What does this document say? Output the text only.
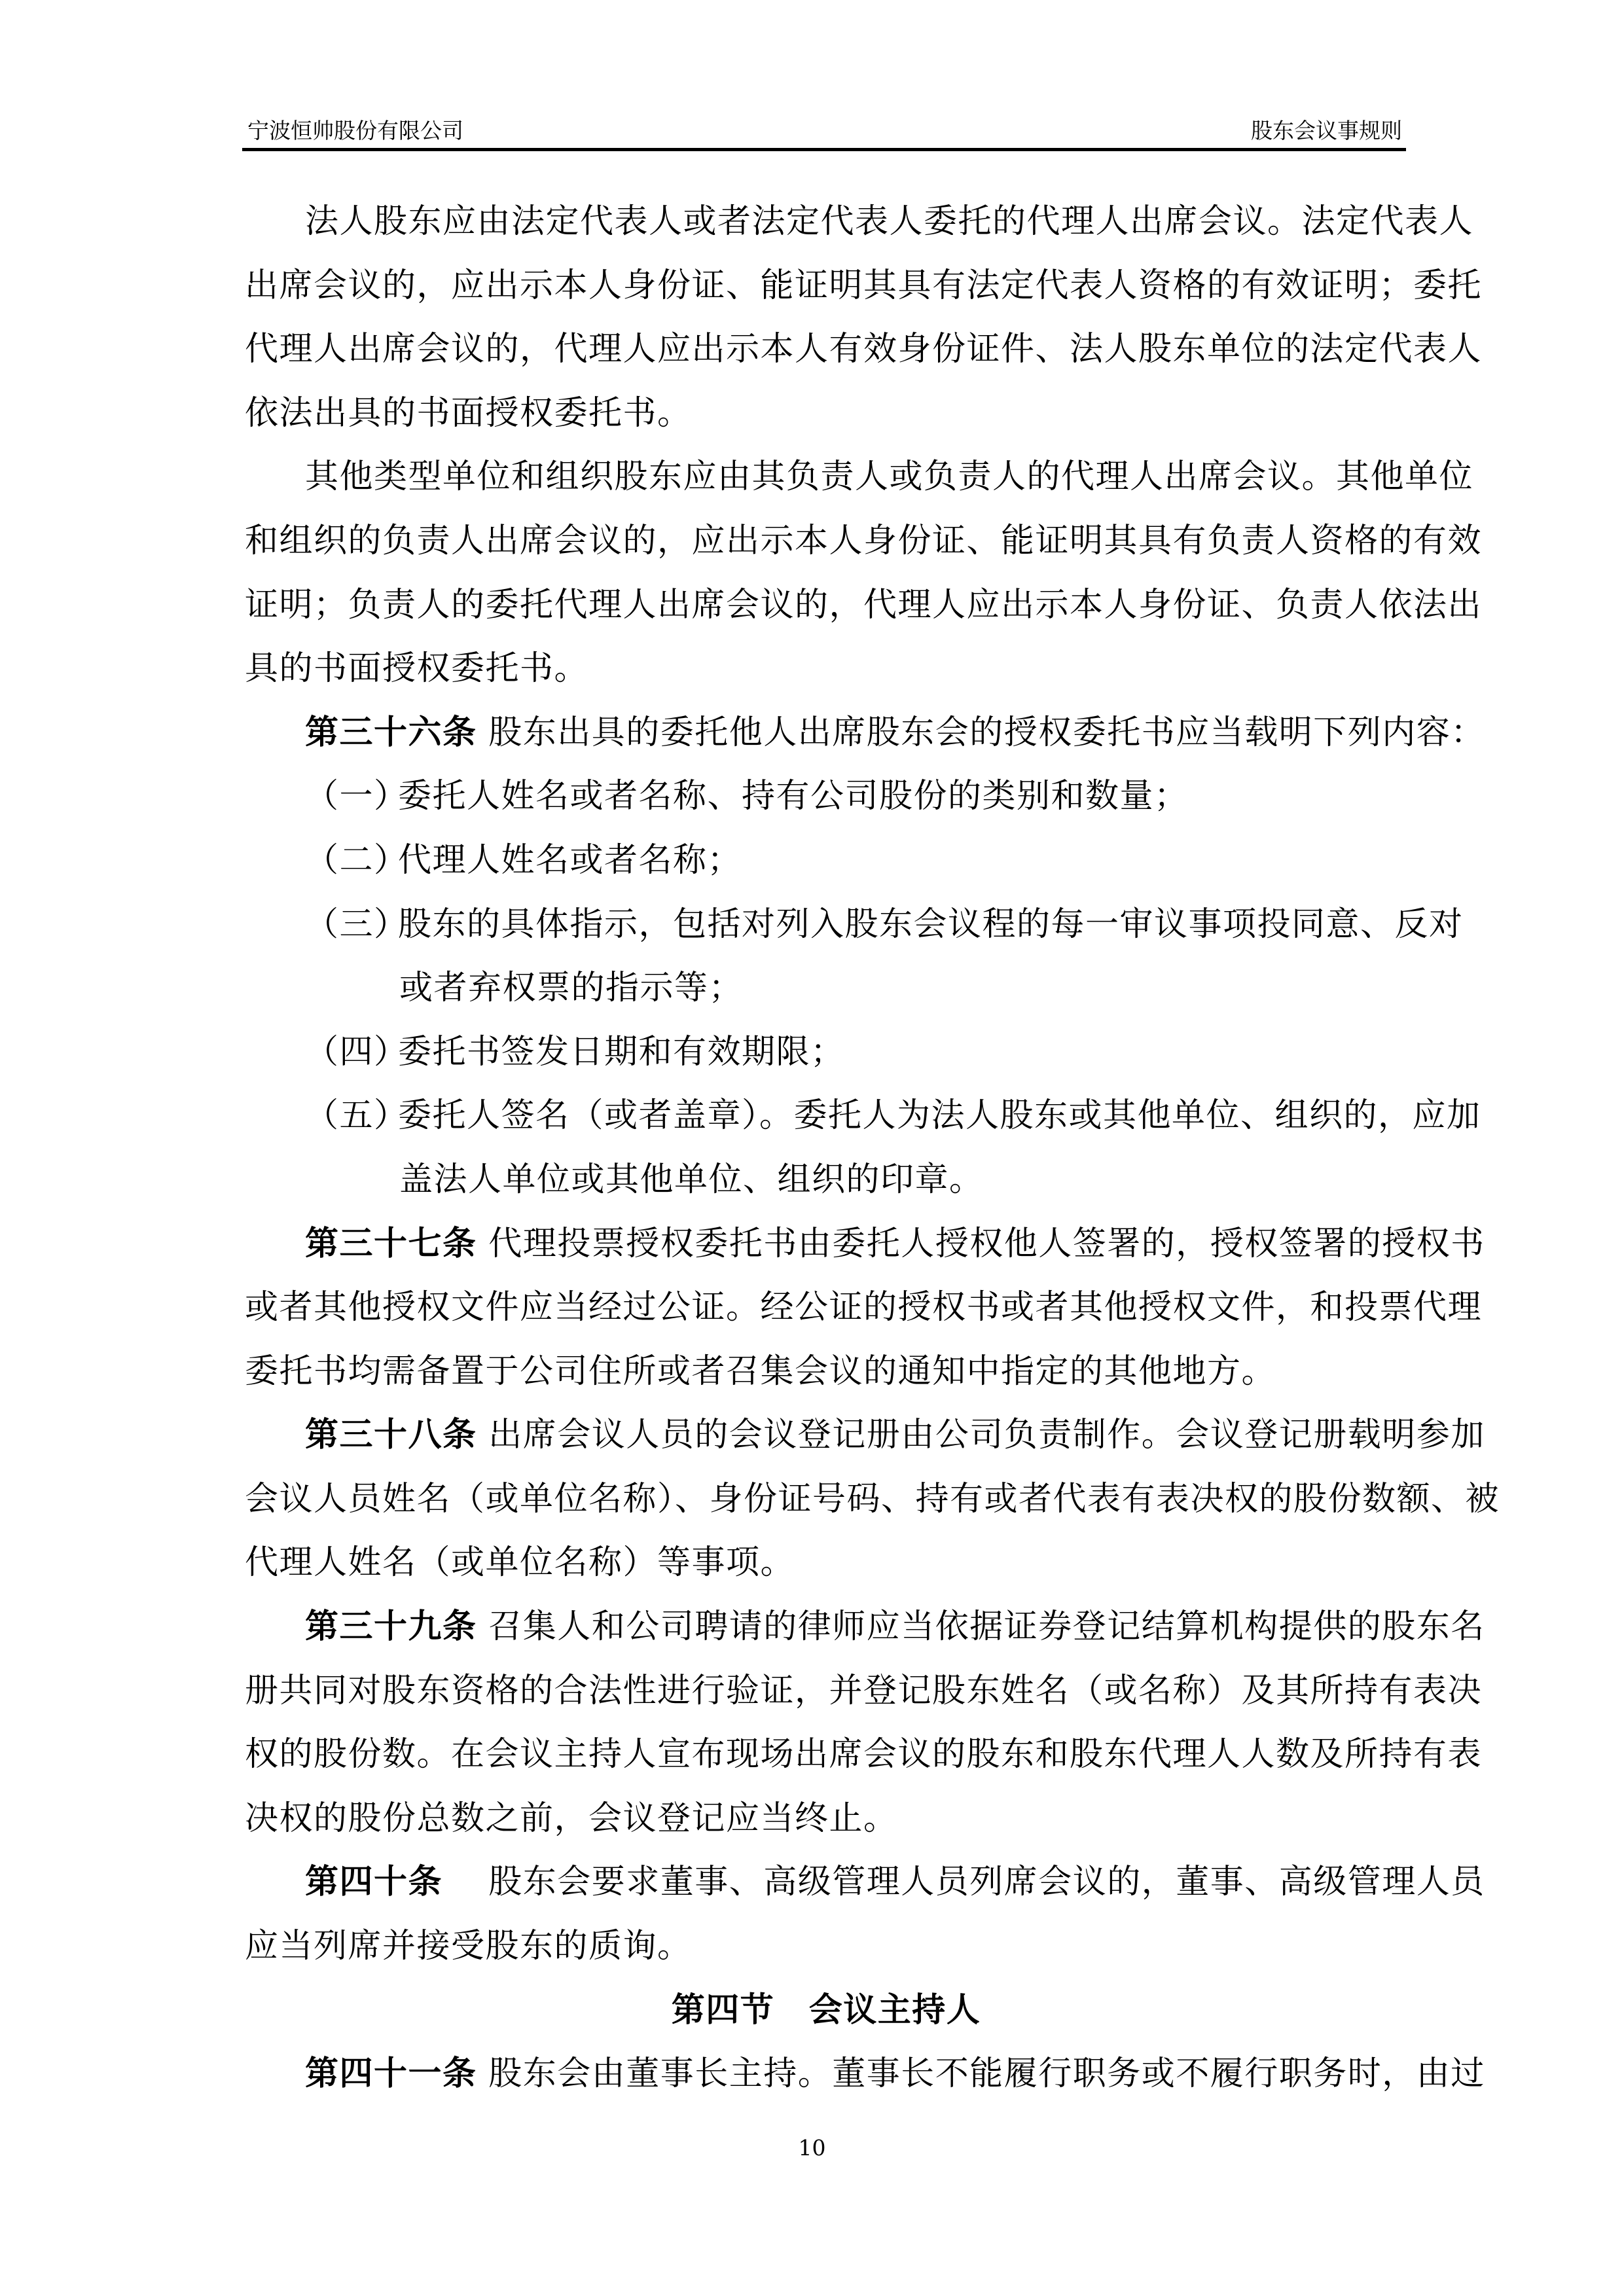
宁波恒帅股份有限公司	股东会议事规则
法人股东应由法定代表人或者法定代表人委托的代理人出席会议。法定代表人
出席会议的，应出示本人身份证、能证明其具有法定代表人资格的有效证明；委托
代理人出席会议的，代理人应出示本人有效身份证件、法人股东单位的法定代表人
依法出具的书面授权委托书。
其他类型单位和组织股东应由其负责人或负责人的代理人出席会议。其他单位
和组织的负责人出席会议的，应出示本人身份证、能证明其具有负责人资格的有效
证明；负责人的委托代理人出席会议的，代理人应出示本人身份证、负责人依法出
具的书面授权委托书。
第三十六条 股东出具的委托他人出席股东会的授权委托书应当载明下列内容：
（一）
委托人姓名或者名称、持有公司股份的类别和数量；
（二）
代理人姓名或者名称；
（三）
股东的具体指示，包括对列入股东会议程的每一审议事项投同意、反对
或者弃权票的指示等；
（四）
委托书签发日期和有效期限；
（五）
委托人签名（或者盖章）。委托人为法人股东或其他单位、组织的，应加
盖法人单位或其他单位、组织的印章。
第三十七条 代理投票授权委托书由委托人授权他人签署的，授权签署的授权书
或者其他授权文件应当经过公证。经公证的授权书或者其他授权文件，和投票代理
委托书均需备置于公司住所或者召集会议的通知中指定的其他地方。
第三十八条 出席会议人员的会议登记册由公司负责制作。会议登记册载明参加
会议人员姓名（或单位名称）、身份证号码、持有或者代表有表决权的股份数额、被
代理人姓名（或单位名称）等事项。
第三十九条 召集人和公司聘请的律师应当依据证券登记结算机构提供的股东名
册共同对股东资格的合法性进行验证，并登记股东姓名（或名称）及其所持有表决
权的股份数。在会议主持人宣布现场出席会议的股东和股东代理人人数及所持有表
决权的股份总数之前，会议登记应当终止。
第四十条 　股东会要求董事、高级管理人员列席会议的，董事、高级管理人员
应当列席并接受股东的质询。
第四节　会议主持人
第四十一条 股东会由董事长主持。董事长不能履行职务或不履行职务时，由过
10
